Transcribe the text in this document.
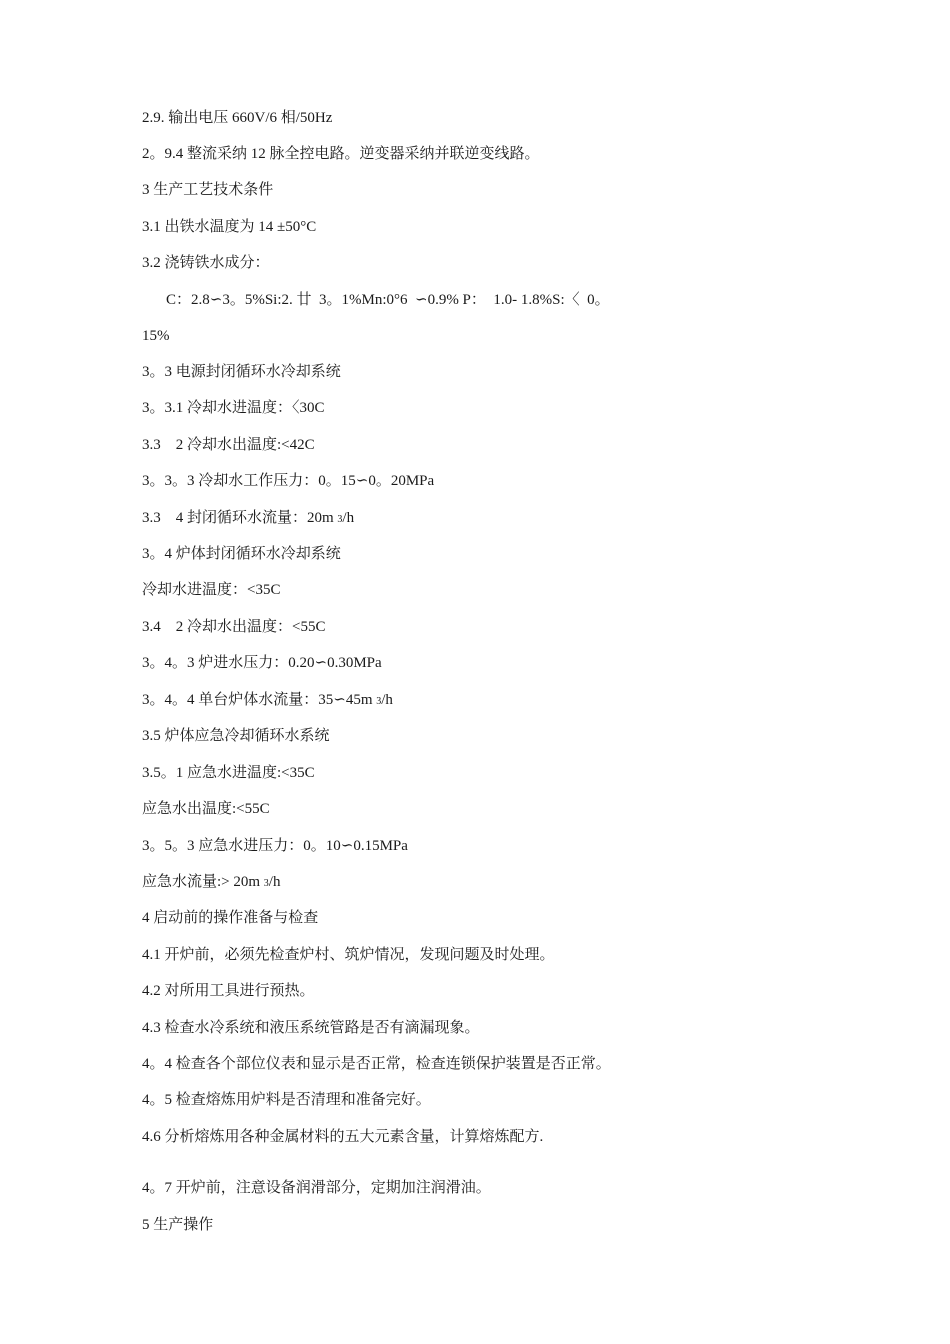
2.9. 输出电压 660V/6 相/50Hz
2。9.4 整流采纳 12 脉全控电路。逆变器采纳并联逆变线路。
3 生产工艺技术条件
3.1 出铁水温度为 14 ±50°C
3.2 浇铸铁水成分：
C：2.8∽3。5%Si:2. 廿  3。1%Mn:0°6  ∽0.9% P：  1.0- 1.8%S:〈  0。
15%
3。3 电源封闭循环水冷却系统
3。3.1 冷却水进温度：〈30C
3.3    2 冷却水出温度:<42C
3。3。3 冷却水工作压力：0。15∽0。20MPa
3.3    4 封闭循环水流量：20m 3/h
3。4 炉体封闭循环水冷却系统
冷却水进温度：<35C
3.4    2 冷却水出温度：<55C
3。4。3 炉进水压力：0.20∽0.30MPa
3。4。4 单台炉体水流量：35∽45m 3/h
3.5 炉体应急冷却循环水系统
3.5。1 应急水进温度:<35C
应急水出温度:<55C
3。5。3 应急水进压力：0。10∽0.15MPa
应急水流量:> 20m 3/h
4 启动前的操作准备与检查
4.1 开炉前，必须先检查炉村、筑炉情况，发现问题及时处理。
4.2 对所用工具进行预热。
4.3 检查水冷系统和液压系统管路是否有滴漏现象。
4。4 检查各个部位仪表和显示是否正常，检查连锁保护装置是否正常。
4。5 检查熔炼用炉料是否清理和准备完好。
4.6 分析熔炼用各种金属材料的五大元素含量，计算熔炼配方.
4。7 开炉前，注意设备润滑部分，定期加注润滑油。
5 生产操作
